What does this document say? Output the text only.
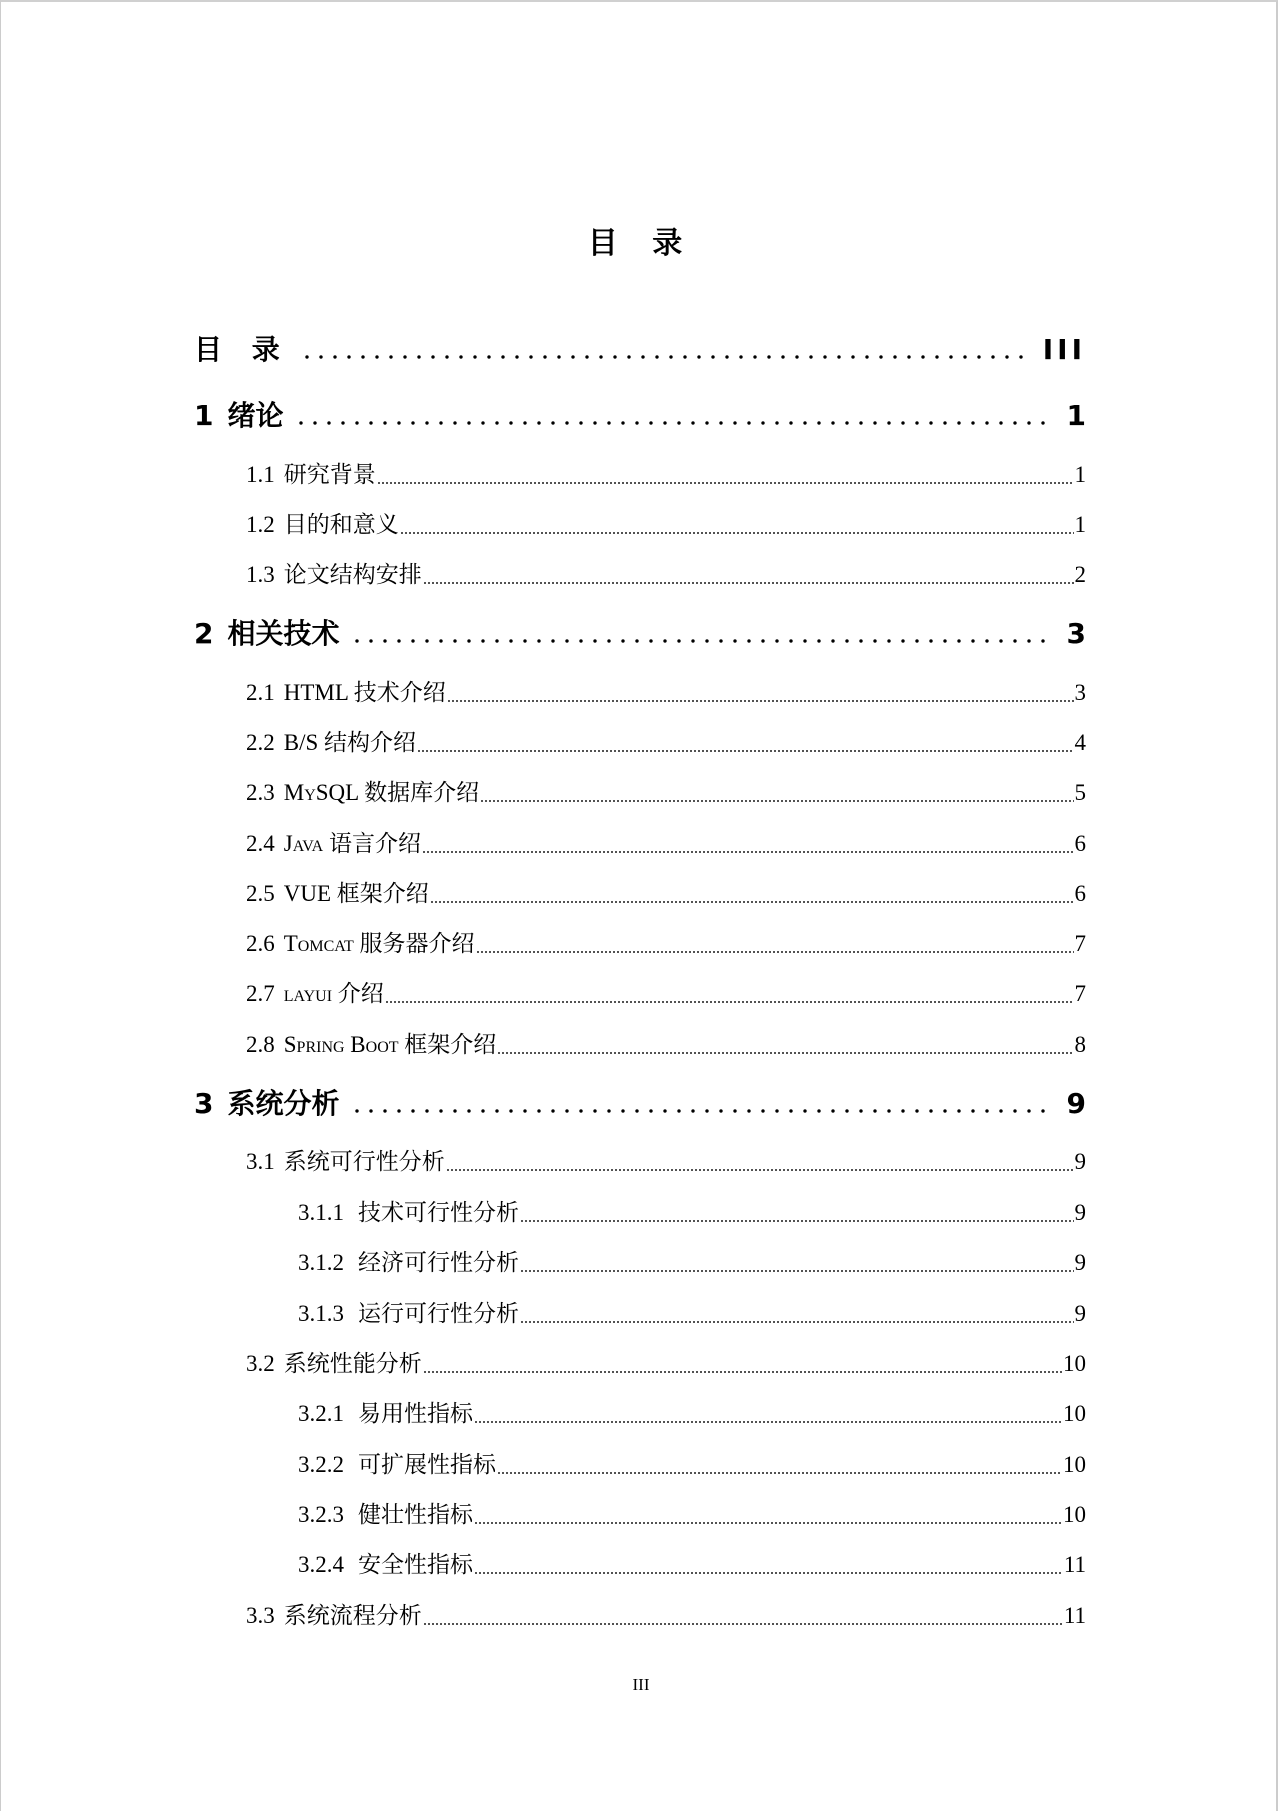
目 录
目 录	III
1 绪论	1
1.1 研究背景	1
1.2 目的和意义	1
1.3 论文结构安排	2
2 相关技术	3
2.1 HTML 技术介绍	3
2.2 B/S 结构介绍	4
2.3 MySQL 数据库介绍	5
2.4 Java 语言介绍	6
2.5 VUE 框架介绍	6
2.6 Tomcat 服务器介绍	7
2.7 layui 介绍	7
2.8 Spring Boot 框架介绍	8
3 系统分析	9
3.1 系统可行性分析	9
3.1.1 技术可行性分析	9
3.1.2 经济可行性分析	9
3.1.3 运行可行性分析	9
3.2 系统性能分析	10
3.2.1 易用性指标	10
3.2.2 可扩展性指标	10
3.2.3 健壮性指标	10
3.2.4 安全性指标	11
3.3 系统流程分析	11
III
